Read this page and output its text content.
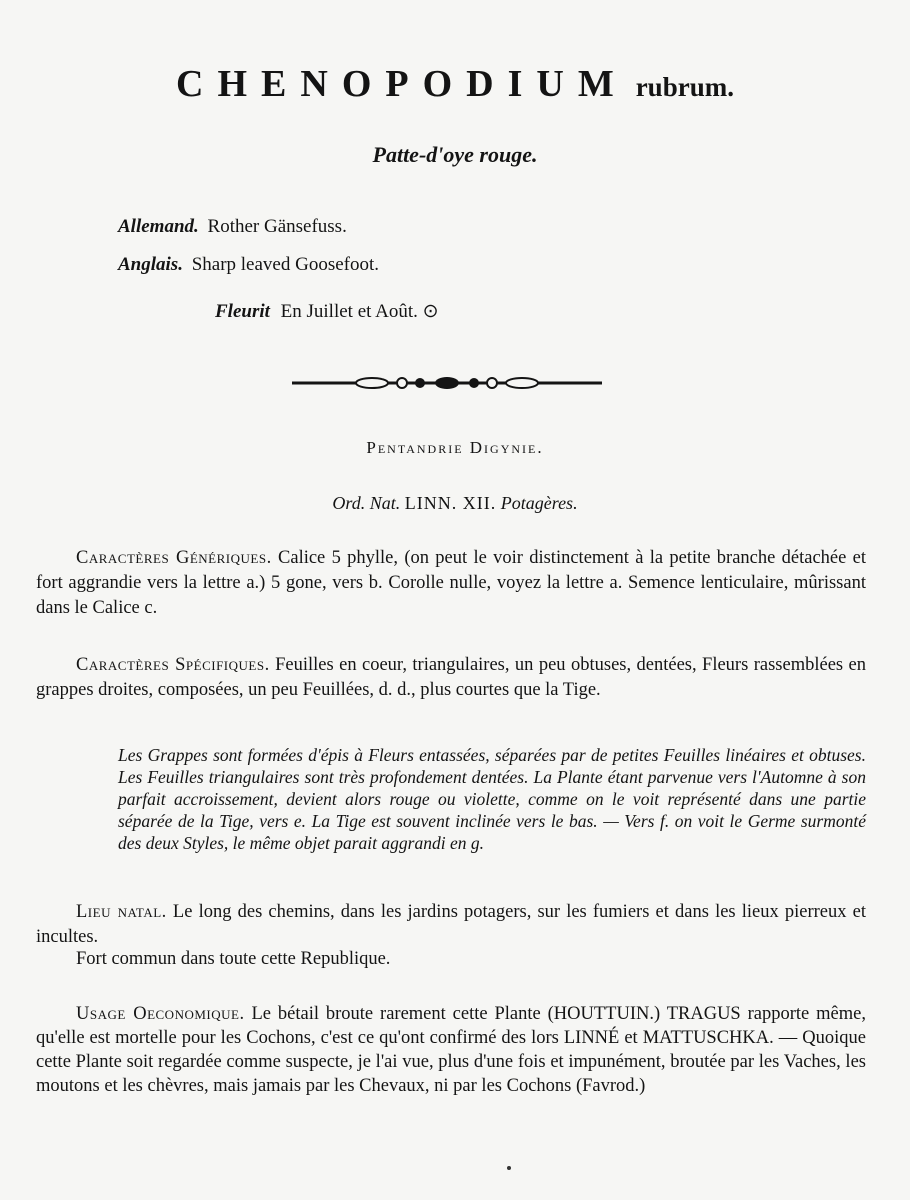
CHENOPODIUM rubrum.
Patte-d'oye rouge.
Allemand. Rother Gänsefuss.
Anglais. Sharp leaved Goosefoot.
Fleurit En Juillet et Août. ⊙
Pentandrie Digynie.
Ord. Nat. LINN. XII. Potagères.
Caractères Génériques. Calice 5 phylle, (on peut le voir distinctement à la petite branche détachée et fort aggrandie vers la lettre a.) 5 gone, vers b. Corolle nulle, voyez la lettre a. Semence lenticulaire, mûrissant dans le Calice c.
Caractères Spécifiques. Feuilles en coeur, triangulaires, un peu obtuses, dentées, Fleurs rassemblées en grappes droites, composées, un peu Feuillées, d. d., plus courtes que la Tige.
Les Grappes sont formées d'épis à Fleurs entassées, séparées par de petites Feuilles linéaires et obtuses. Les Feuilles triangulaires sont très profondement dentées. La Plante étant parvenue vers l'Automne à son parfait accroissement, devient alors rouge ou violette, comme on le voit représenté dans une partie séparée de la Tige, vers e. La Tige est souvent inclinée vers le bas. — Vers f. on voit le Germe surmonté des deux Styles, le même objet parait aggrandi en g.
Lieu natal. Le long des chemins, dans les jardins potagers, sur les fumiers et dans les lieux pierreux et incultes.
Fort commun dans toute cette Republique.
Usage Oeconomique. Le bétail broute rarement cette Plante (HOUTTUIN.) TRAGUS rapporte même, qu'elle est mortelle pour les Cochons, c'est ce qu'ont confirmé des lors LINNÉ et MATTUSCHKA. — Quoique cette Plante soit regardée comme suspecte, je l'ai vue, plus d'une fois et impunément, broutée par les Vaches, les moutons et les chèvres, mais jamais par les Chevaux, ni par les Cochons (Favrod.)
